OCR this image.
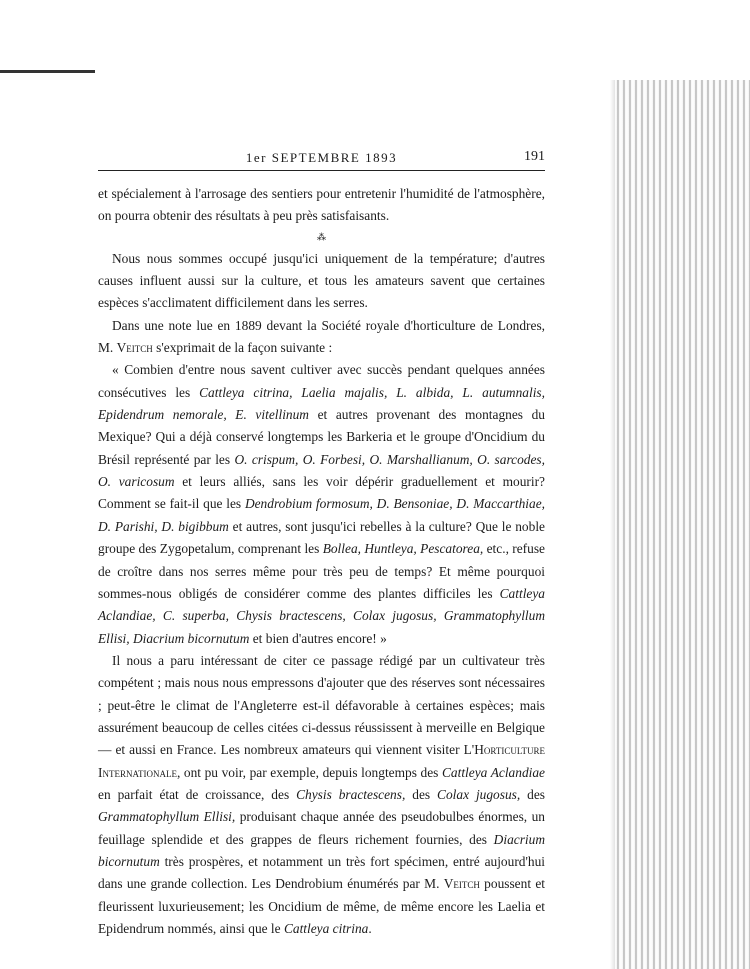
1er SEPTEMBRE 1893	191

et spécialement à l'arrosage des sentiers pour entretenir l'humidité de l'atmosphère, on pourra obtenir des résultats à peu près satisfaisants.

⁂

Nous nous sommes occupé jusqu'ici uniquement de la température; d'autres causes influent aussi sur la culture, et tous les amateurs savent que certaines espèces s'acclimatent difficilement dans les serres.

Dans une note lue en 1889 devant la Société royale d'horticulture de Londres, M. Veitch s'exprimait de la façon suivante :

« Combien d'entre nous savent cultiver avec succès pendant quelques années consécutives les Cattleya citrina, Laelia majalis, L. albida, L. autumnalis, Epidendrum nemorale, E. vitellinum et autres provenant des montagnes du Mexique? Qui a déjà conservé longtemps les Barkeria et le groupe d'Oncidium du Brésil représenté par les O. crispum, O. Forbesi, O. Marshallianum, O. sarcodes, O. varicosum et leurs alliés, sans les voir dépérir graduellement et mourir? Comment se fait-il que les Dendrobium formosum, D. Bensoniae, D. Maccarthiae, D. Parishi, D. bigibbum et autres, sont jusqu'ici rebelles à la culture? Que le noble groupe des Zygopetalum, comprenant les Bollea, Huntleya, Pescatorea, etc., refuse de croître dans nos serres même pour très peu de temps? Et même pourquoi sommes-nous obligés de considérer comme des plantes difficiles les Cattleya Aclandiae, C. superba, Chysis bractescens, Colax jugosus, Grammatophyllum Ellisi, Diacrium bicornutum et bien d'autres encore! »

Il nous a paru intéressant de citer ce passage rédigé par un cultivateur très compétent ; mais nous nous empressons d'ajouter que des réserves sont nécessaires ; peut-être le climat de l'Angleterre est-il défavorable à certaines espèces; mais assurément beaucoup de celles citées ci-dessus réussissent à merveille en Belgique — et aussi en France. Les nombreux amateurs qui viennent visiter L'Horticulture Internationale, ont pu voir, par exemple, depuis longtemps des Cattleya Aclandiae en parfait état de croissance, des Chysis bractescens, des Colax jugosus, des Grammatophyllum Ellisi, produisant chaque année des pseudobulbes énormes, un feuillage splendide et des grappes de fleurs richement fournies, des Diacrium bicornutum très prospères, et notamment un très fort spécimen, entré aujourd'hui dans une grande collection. Les Dendrobium énumérés par M. Veitch poussent et fleurissent luxurieusement; les Oncidium de même, de même encore les Laelia et Epidendrum nommés, ainsi que le Cattleya citrina.
